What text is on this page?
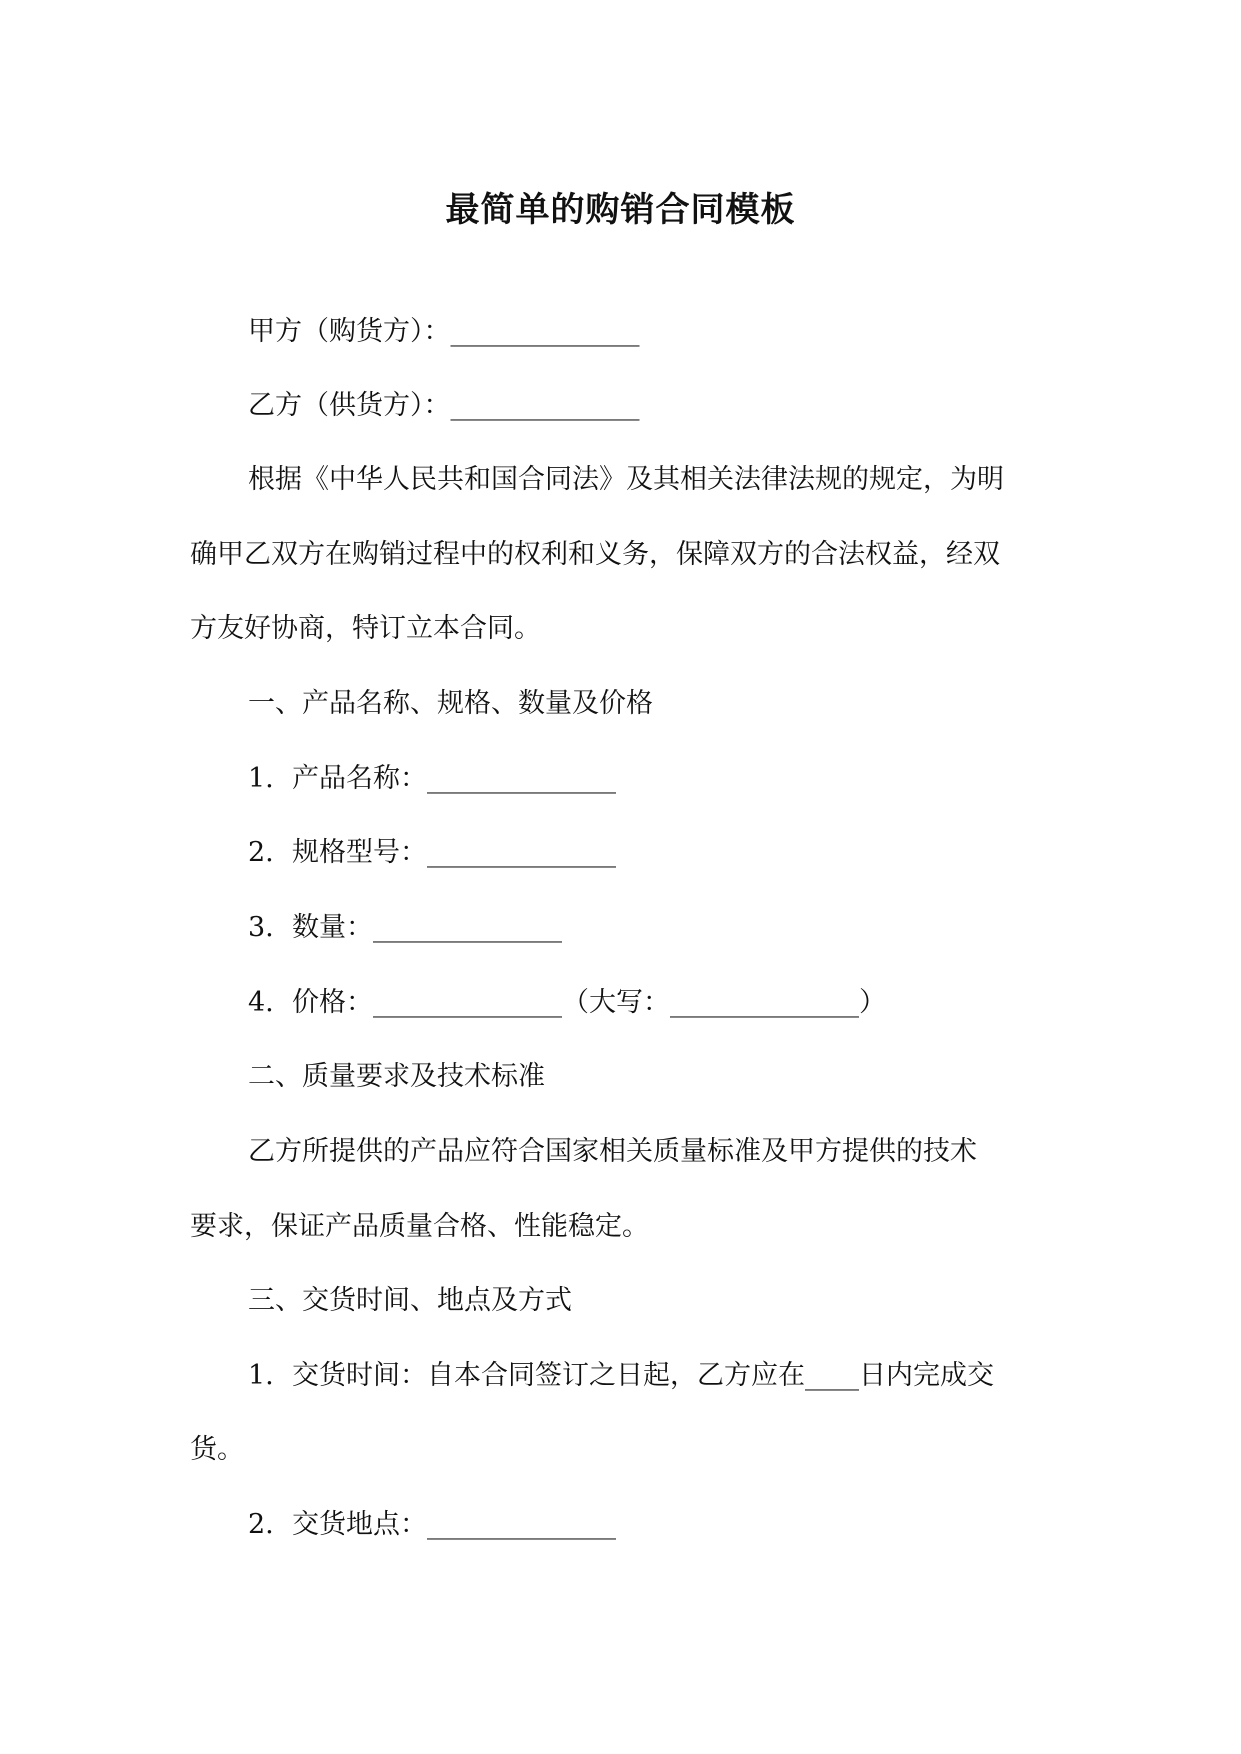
最简单的购销合同模板
甲方（购货方）：______________
乙方（供货方）：______________
根据《中华人民共和国合同法》及其相关法律法规的规定，为明
确甲乙双方在购销过程中的权利和义务，保障双方的合法权益，经双
方友好协商，特订立本合同。
一、产品名称、规格、数量及价格
1. 产品名称：______________
2. 规格型号：______________
3. 数量：______________
4. 价格：______________（大写：______________）
二、质量要求及技术标准
乙方所提供的产品应符合国家相关质量标准及甲方提供的技术
要求，保证产品质量合格、性能稳定。
三、交货时间、地点及方式
1. 交货时间：自本合同签订之日起，乙方应在____日内完成交
货。
2. 交货地点：______________
